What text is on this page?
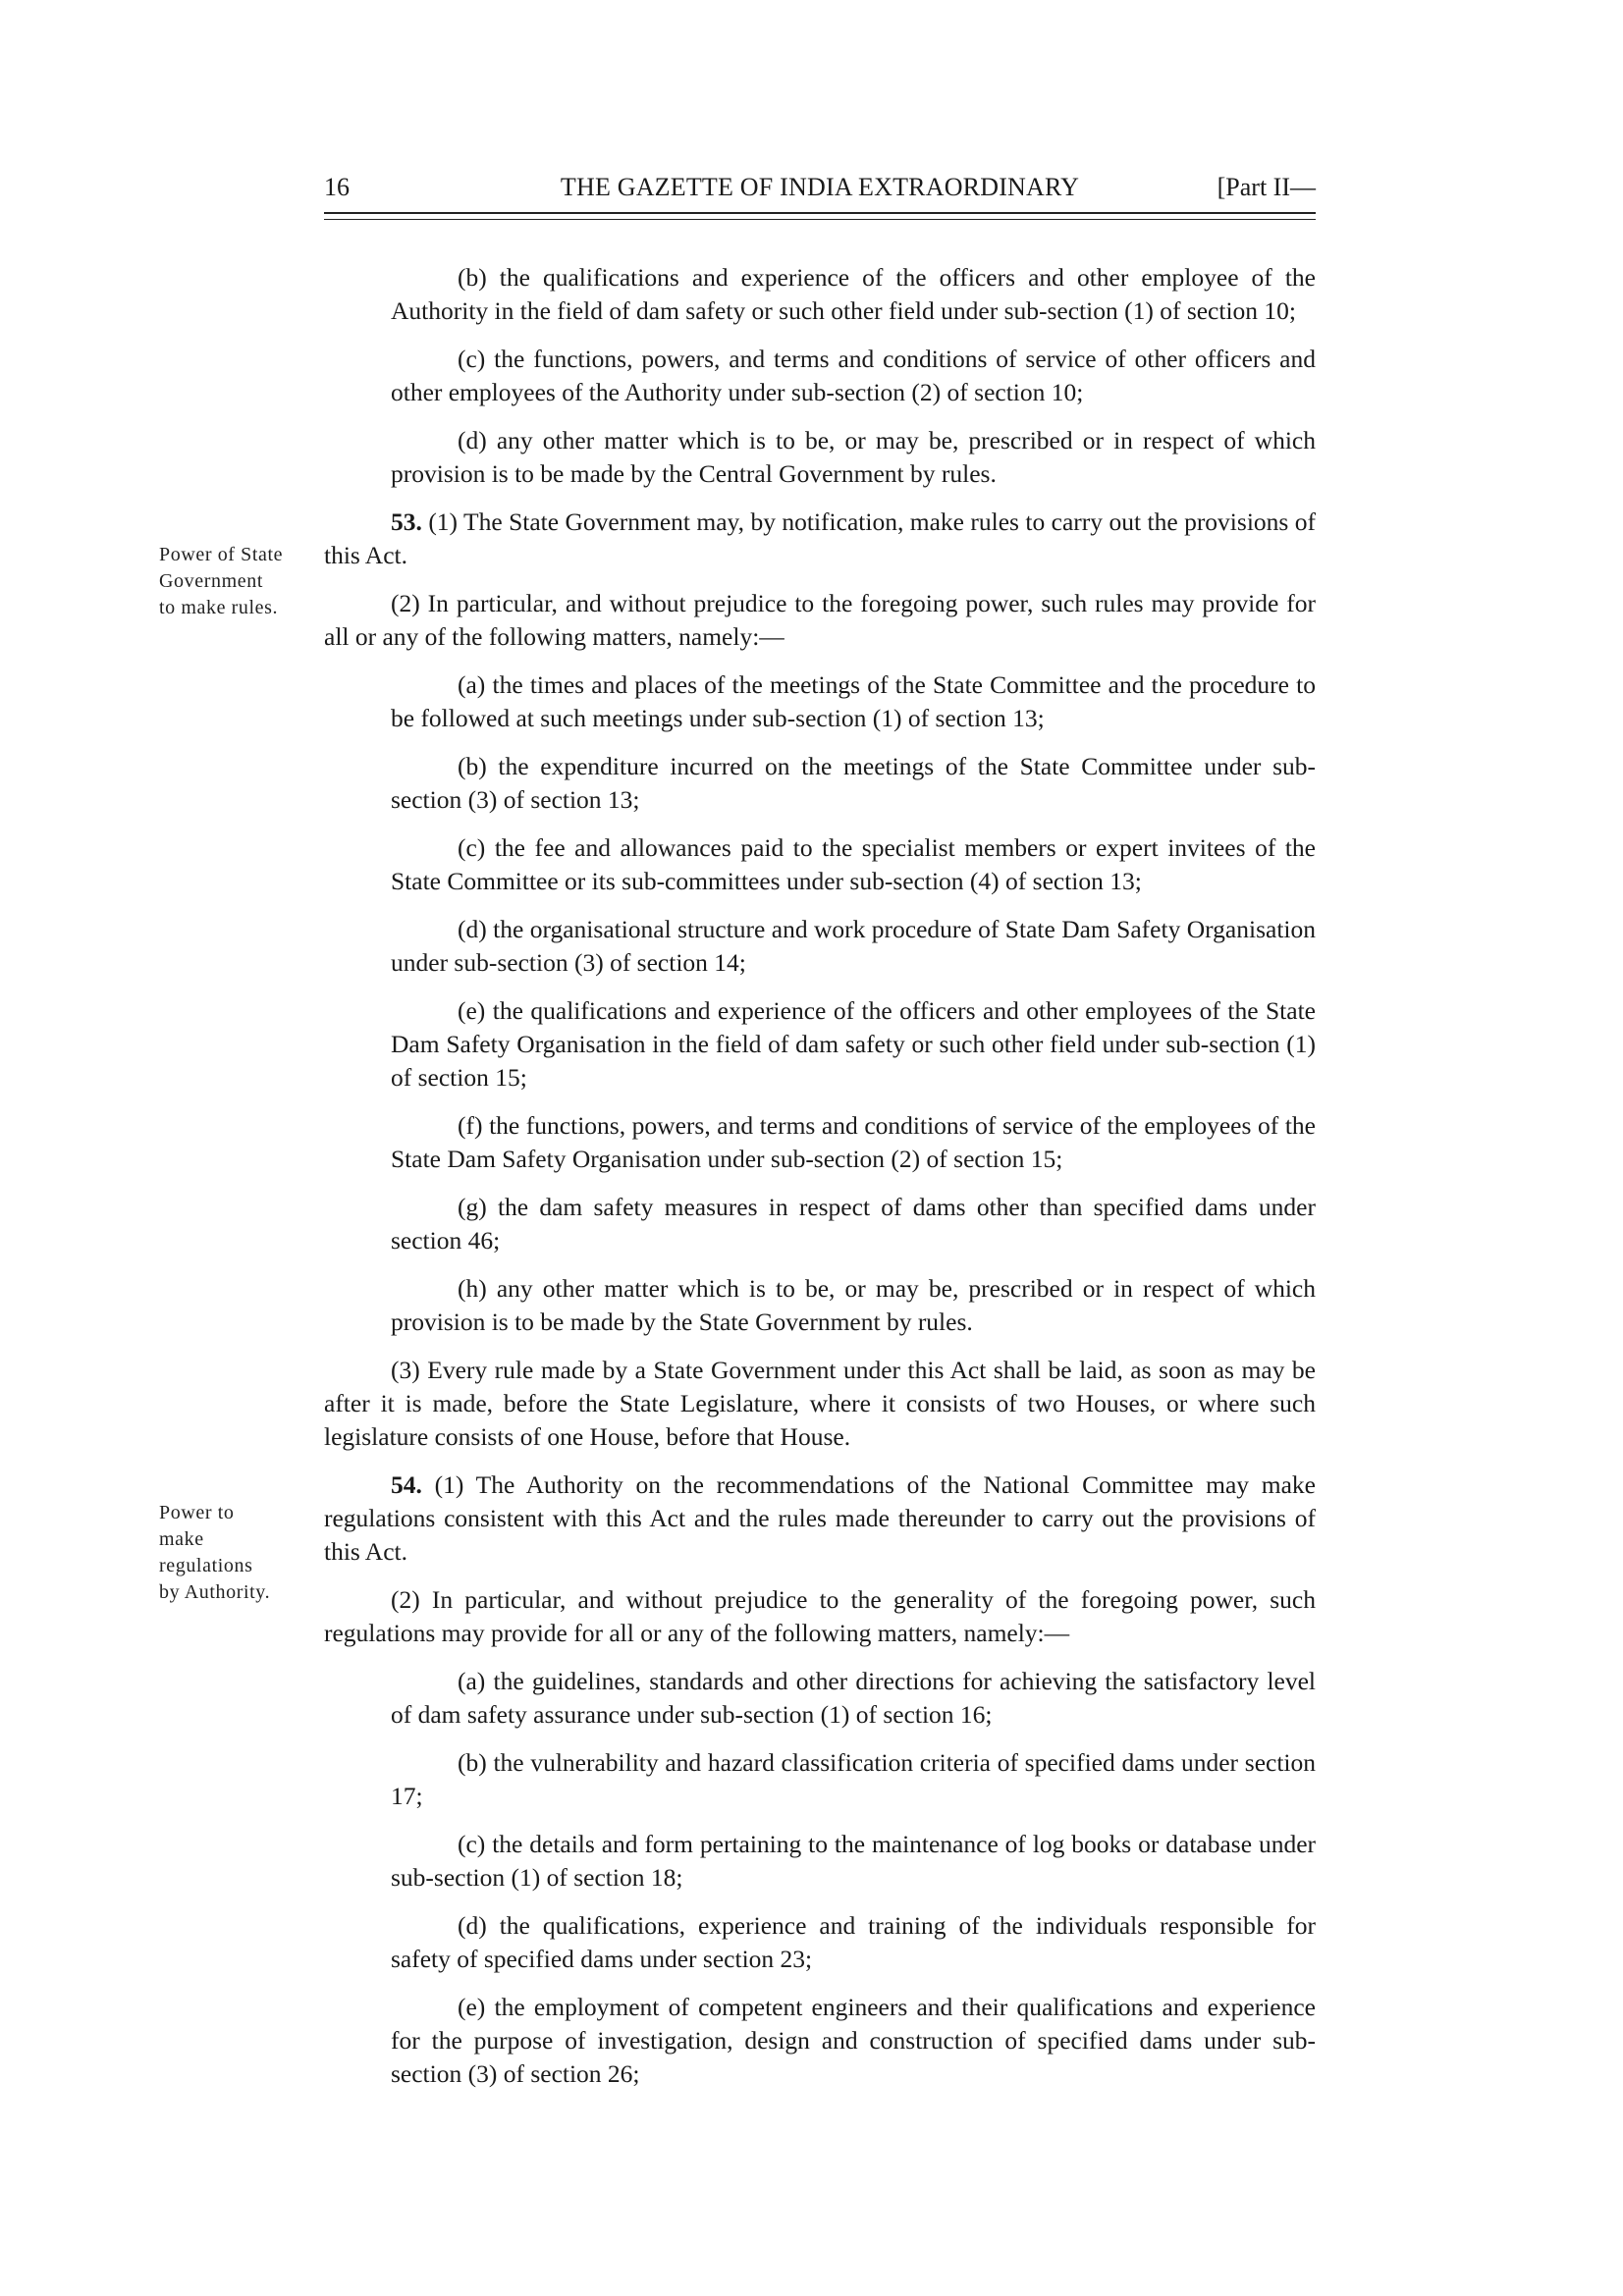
16	THE GAZETTE OF INDIA EXTRAORDINARY	[Part II—
Power of State
Government
to make rules.
Power to
make
regulations
by Authority.

(b) the qualifications and experience of the officers and other employee of the Authority in the field of dam safety or such other field under sub-section (1) of section 10;

(c) the functions, powers, and terms and conditions of service of other officers and other employees of the Authority under sub-section (2) of section 10;

(d) any other matter which is to be, or may be, prescribed or in respect of which provision is to be made by the Central Government by rules.

53. (1) The State Government may, by notification, make rules to carry out the provisions of this Act.

(2) In particular, and without prejudice to the foregoing power, such rules may provide for all or any of the following matters, namely:—

(a) the times and places of the meetings of the State Committee and the procedure to be followed at such meetings under sub-section (1) of section 13;

(b) the expenditure incurred on the meetings of the State Committee under sub-section (3) of section 13;

(c) the fee and allowances paid to the specialist members or expert invitees of the State Committee or its sub-committees under sub-section (4) of section 13;

(d) the organisational structure and work procedure of State Dam Safety Organisation under sub-section (3) of section 14;

(e) the qualifications and experience of the officers and other employees of the State Dam Safety Organisation in the field of dam safety or such other field under sub-section (1) of section 15;

(f) the functions, powers, and terms and conditions of service of the employees of the State Dam Safety Organisation under sub-section (2) of section 15;

(g) the dam safety measures in respect of dams other than specified dams under section 46;

(h) any other matter which is to be, or may be, prescribed or in respect of which provision is to be made by the State Government by rules.

(3) Every rule made by a State Government under this Act shall be laid, as soon as may be after it is made, before the State Legislature, where it consists of two Houses, or where such legislature consists of one House, before that House.

54. (1) The Authority on the recommendations of the National Committee may make regulations consistent with this Act and the rules made thereunder to carry out the provisions of this Act.

(2) In particular, and without prejudice to the generality of the foregoing power, such regulations may provide for all or any of the following matters, namely:—

(a) the guidelines, standards and other directions for achieving the satisfactory level of dam safety assurance under sub-section (1) of section 16;

(b) the vulnerability and hazard classification criteria of specified dams under section 17;

(c) the details and form pertaining to the maintenance of log books or database under sub-section (1) of section 18;

(d) the qualifications, experience and training of the individuals responsible for safety of specified dams under section 23;

(e) the employment of competent engineers and their qualifications and experience for the purpose of investigation, design and construction of specified dams under sub-section (3) of section 26;
